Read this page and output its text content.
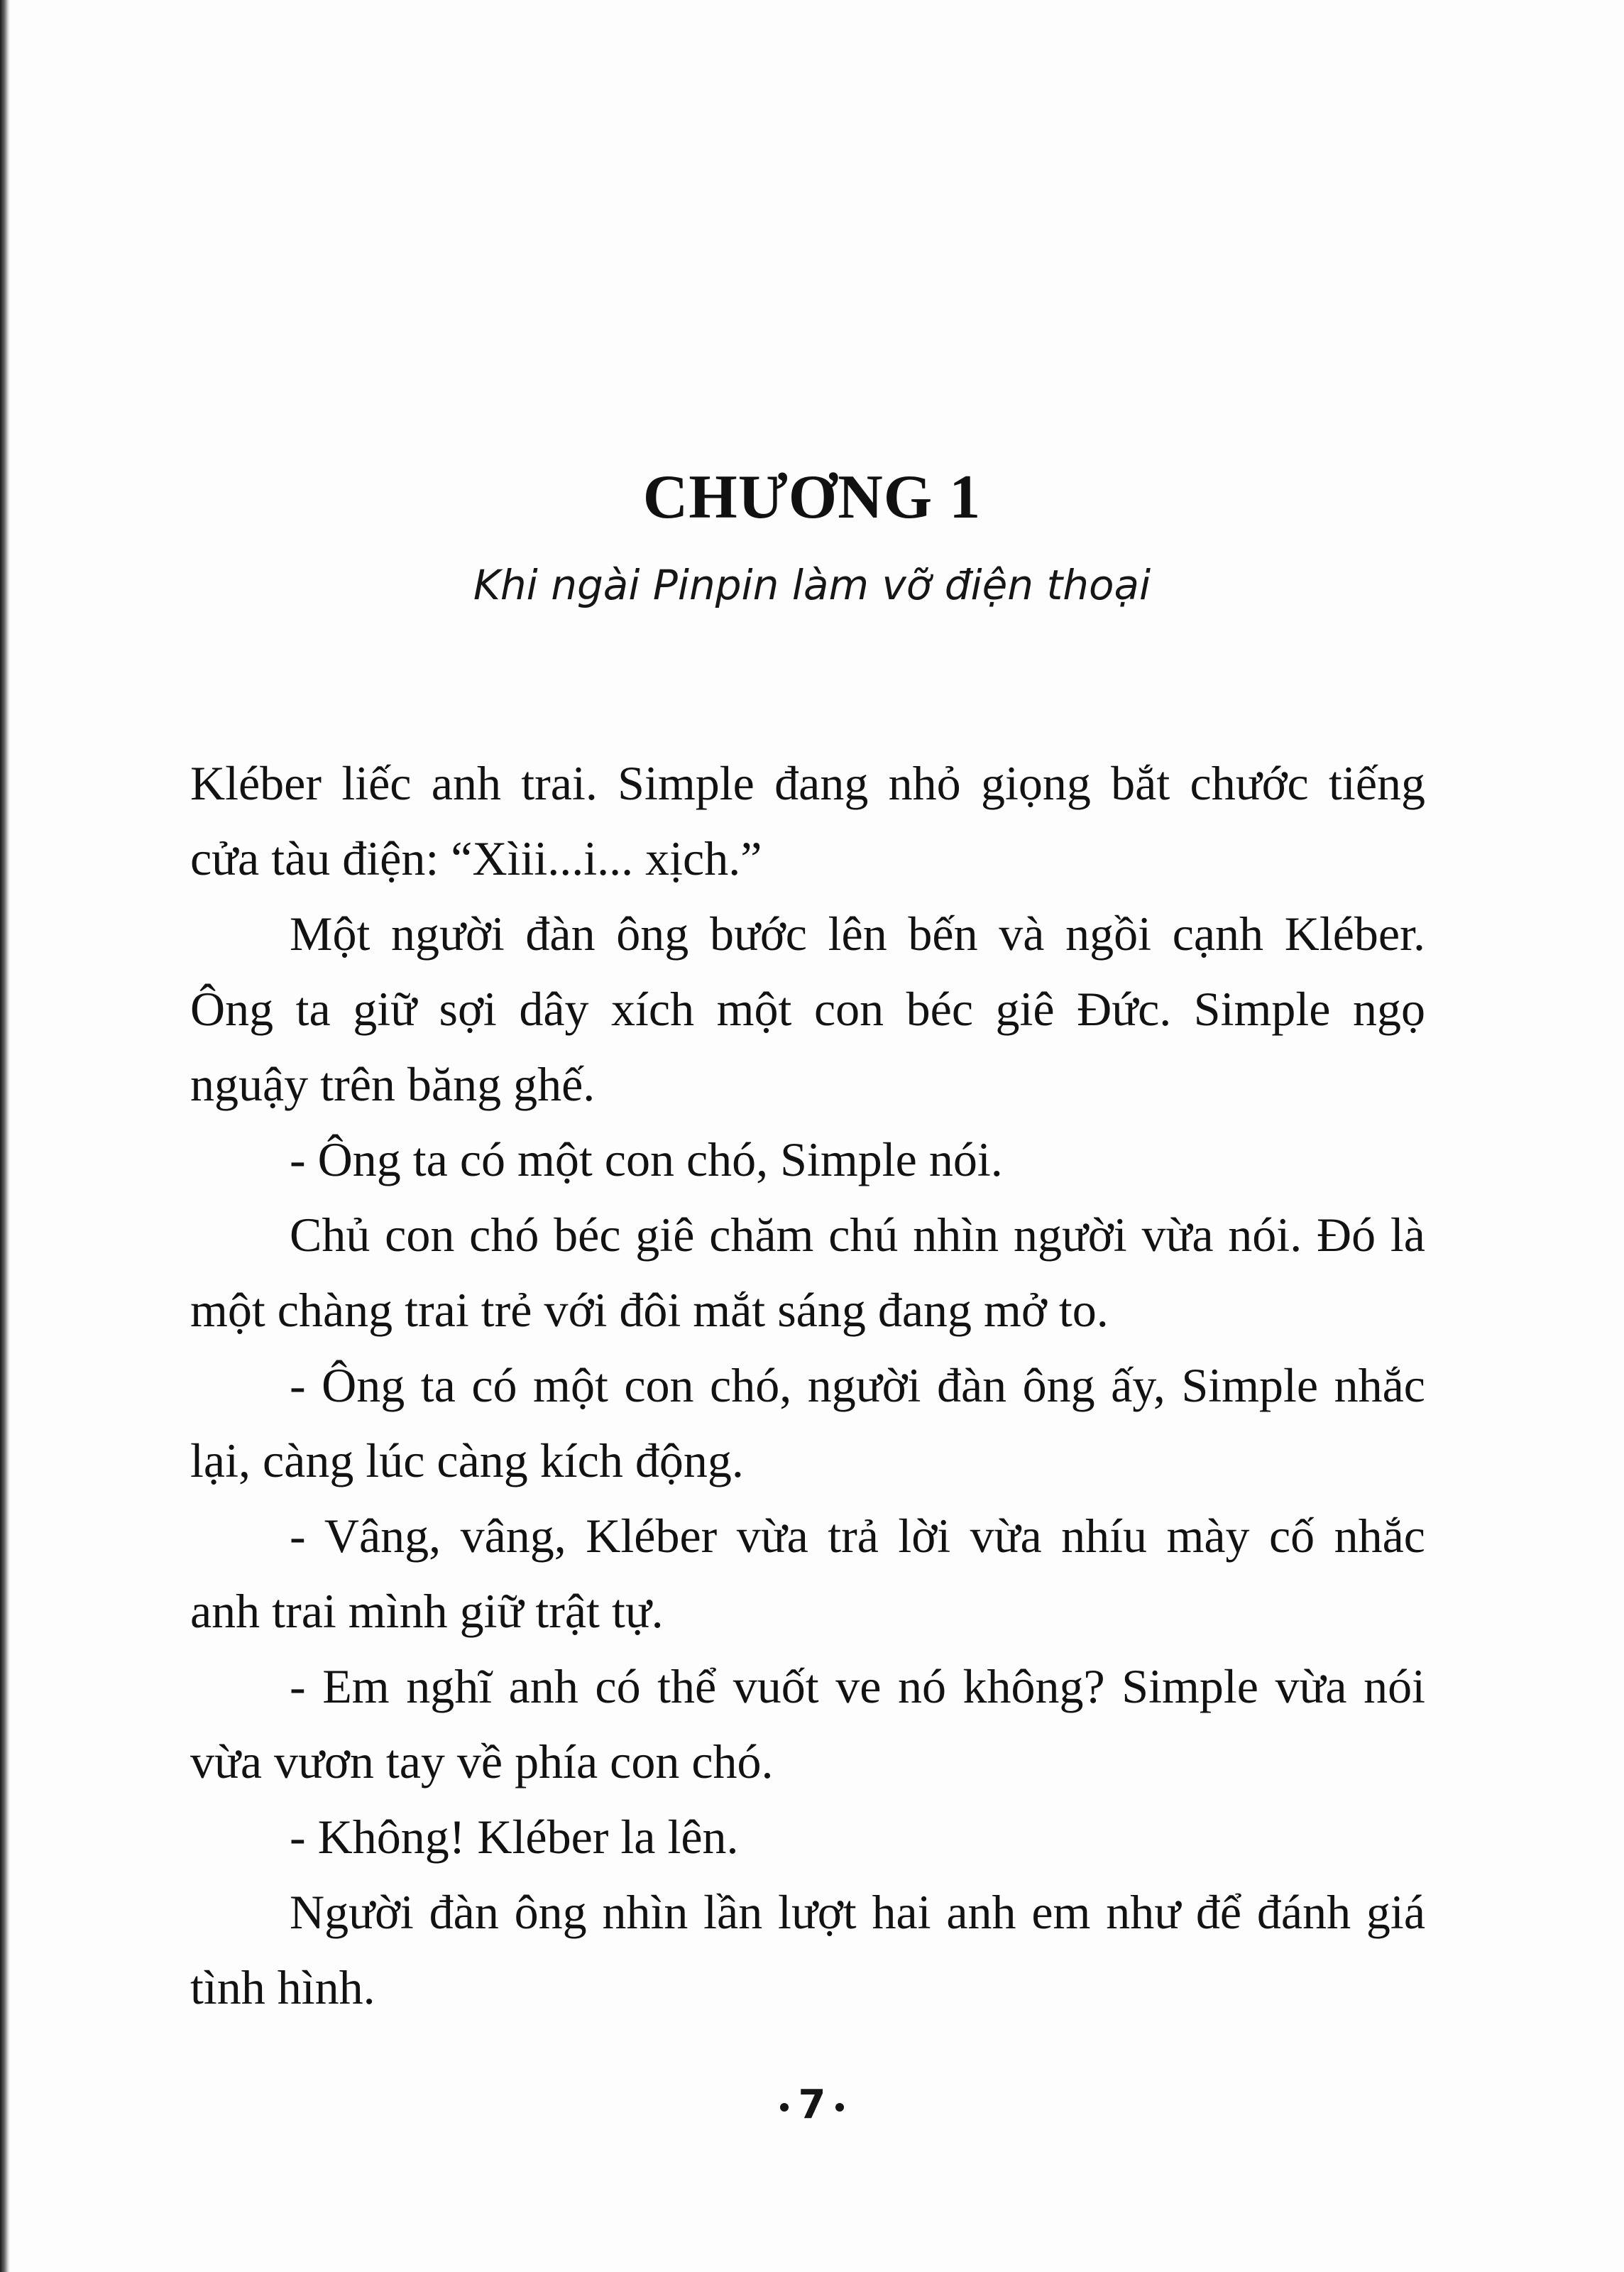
CHƯƠNG 1
Khi ngài Pinpin làm vỡ điện thoại

Kléber liếc anh trai. Simple đang nhỏ giọng bắt chước tiếng cửa tàu điện: “Xìii...i... xịch.”

Một người đàn ông bước lên bến và ngồi cạnh Kléber. Ông ta giữ sợi dây xích một con béc giê Đức. Simple ngọ nguậy trên băng ghế.

- Ông ta có một con chó, Simple nói.

Chủ con chó béc giê chăm chú nhìn người vừa nói. Đó là một chàng trai trẻ với đôi mắt sáng đang mở to.

- Ông ta có một con chó, người đàn ông ấy, Simple nhắc lại, càng lúc càng kích động.

- Vâng, vâng, Kléber vừa trả lời vừa nhíu mày cố nhắc anh trai mình giữ trật tự.

- Em nghĩ anh có thể vuốt ve nó không? Simple vừa nói vừa vươn tay về phía con chó.

- Không! Kléber la lên.

Người đàn ông nhìn lần lượt hai anh em như để đánh giá tình hình.

7
